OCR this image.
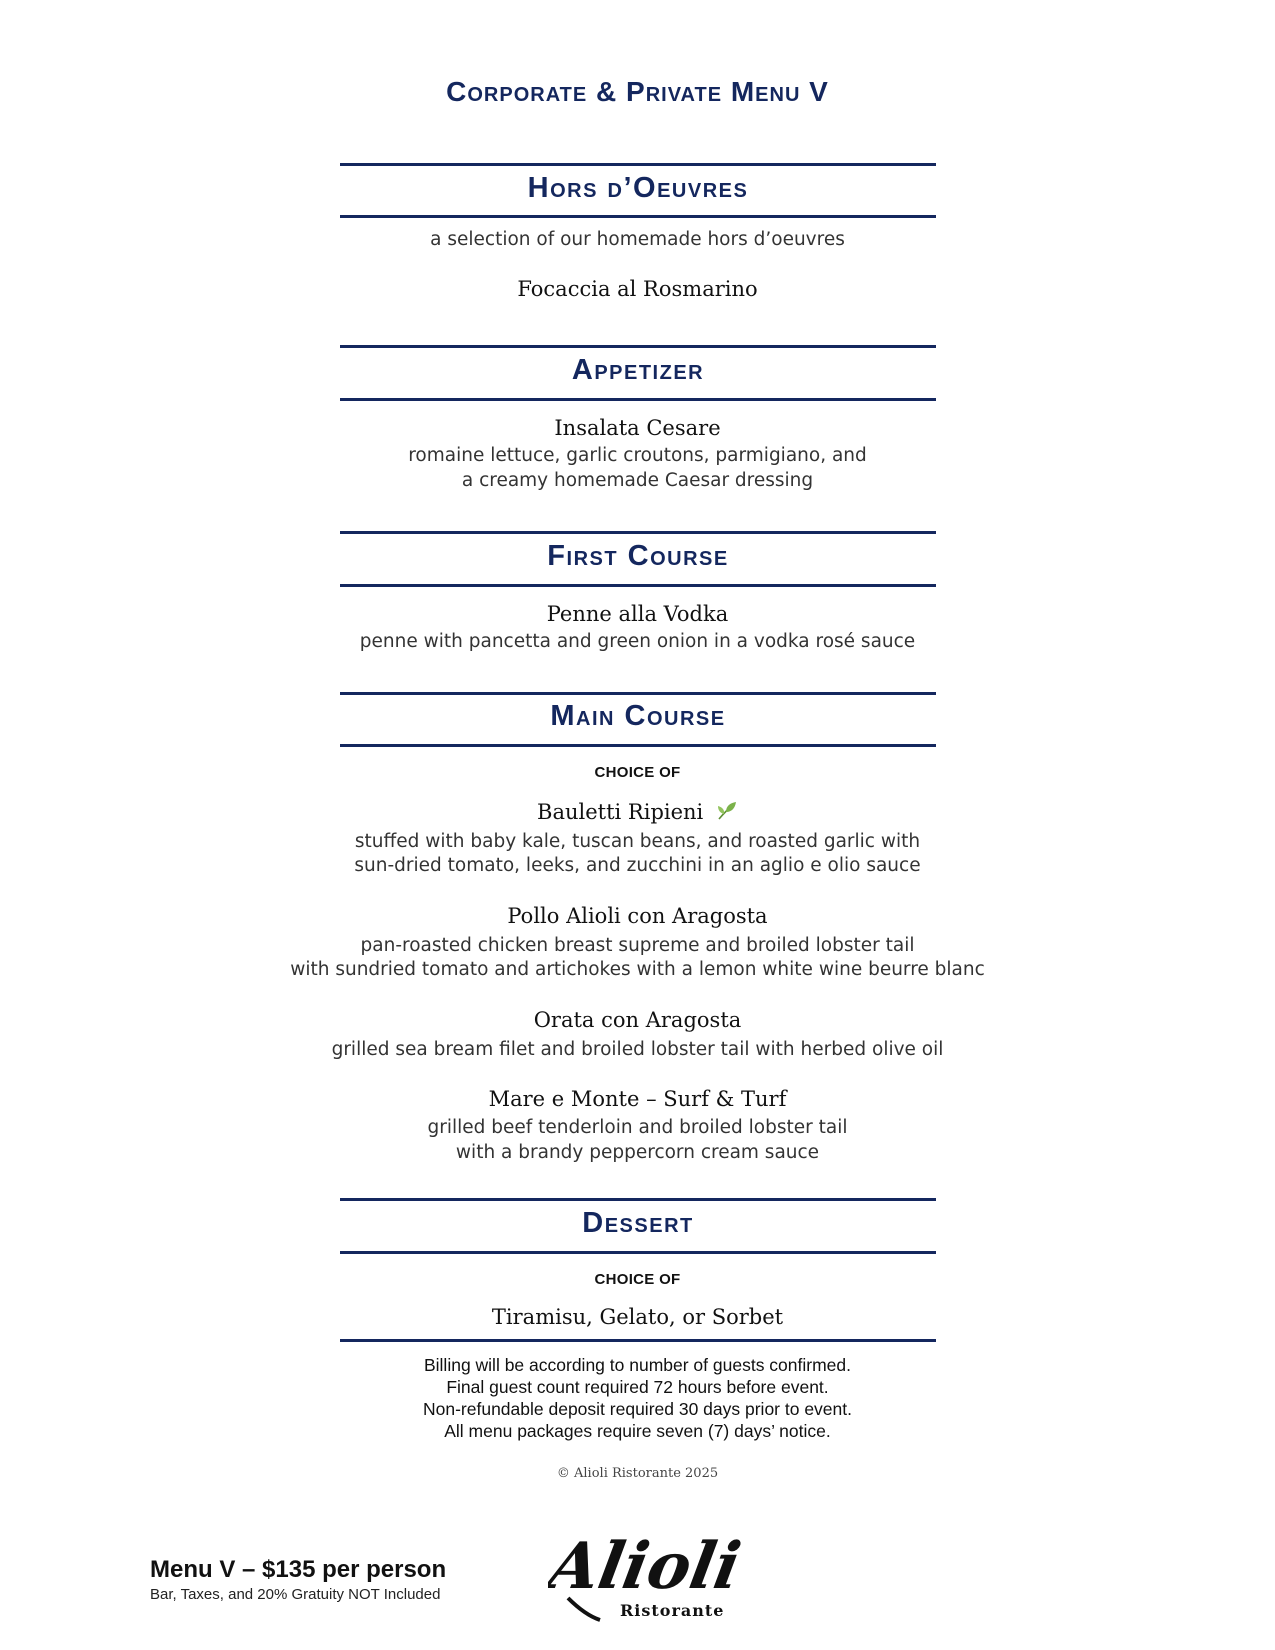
Corporate & Private Menu V
Hors d’Oeuvres
a selection of our homemade hors d’oeuvres
Focaccia al Rosmarino
Appetizer
Insalata Cesare
romaine lettuce, garlic croutons, parmigiano, and
a creamy homemade Caesar dressing
First Course
Penne alla Vodka
penne with pancetta and green onion in a vodka rosé sauce
Main Course
CHOICE OF
Bauletti Ripieni
stuffed with baby kale, tuscan beans, and roasted garlic with
sun-dried tomato, leeks, and zucchini in an aglio e olio sauce
Pollo Alioli con Aragosta
pan-roasted chicken breast supreme and broiled lobster tail
with sundried tomato and artichokes with a lemon white wine beurre blanc
Orata con Aragosta
grilled sea bream filet and broiled lobster tail with herbed olive oil
Mare e Monte – Surf & Turf
grilled beef tenderloin and broiled lobster tail
with a brandy peppercorn cream sauce
Dessert
CHOICE OF
Tiramisu, Gelato, or Sorbet
Billing will be according to number of guests confirmed.
Final guest count required 72 hours before event.
Non-refundable deposit required 30 days prior to event.
All menu packages require seven (7) days’ notice.
© Alioli Ristorante 2025
Menu V – $135 per person
Bar, Taxes, and 20% Gratuity NOT Included Alioli
Ristorante
